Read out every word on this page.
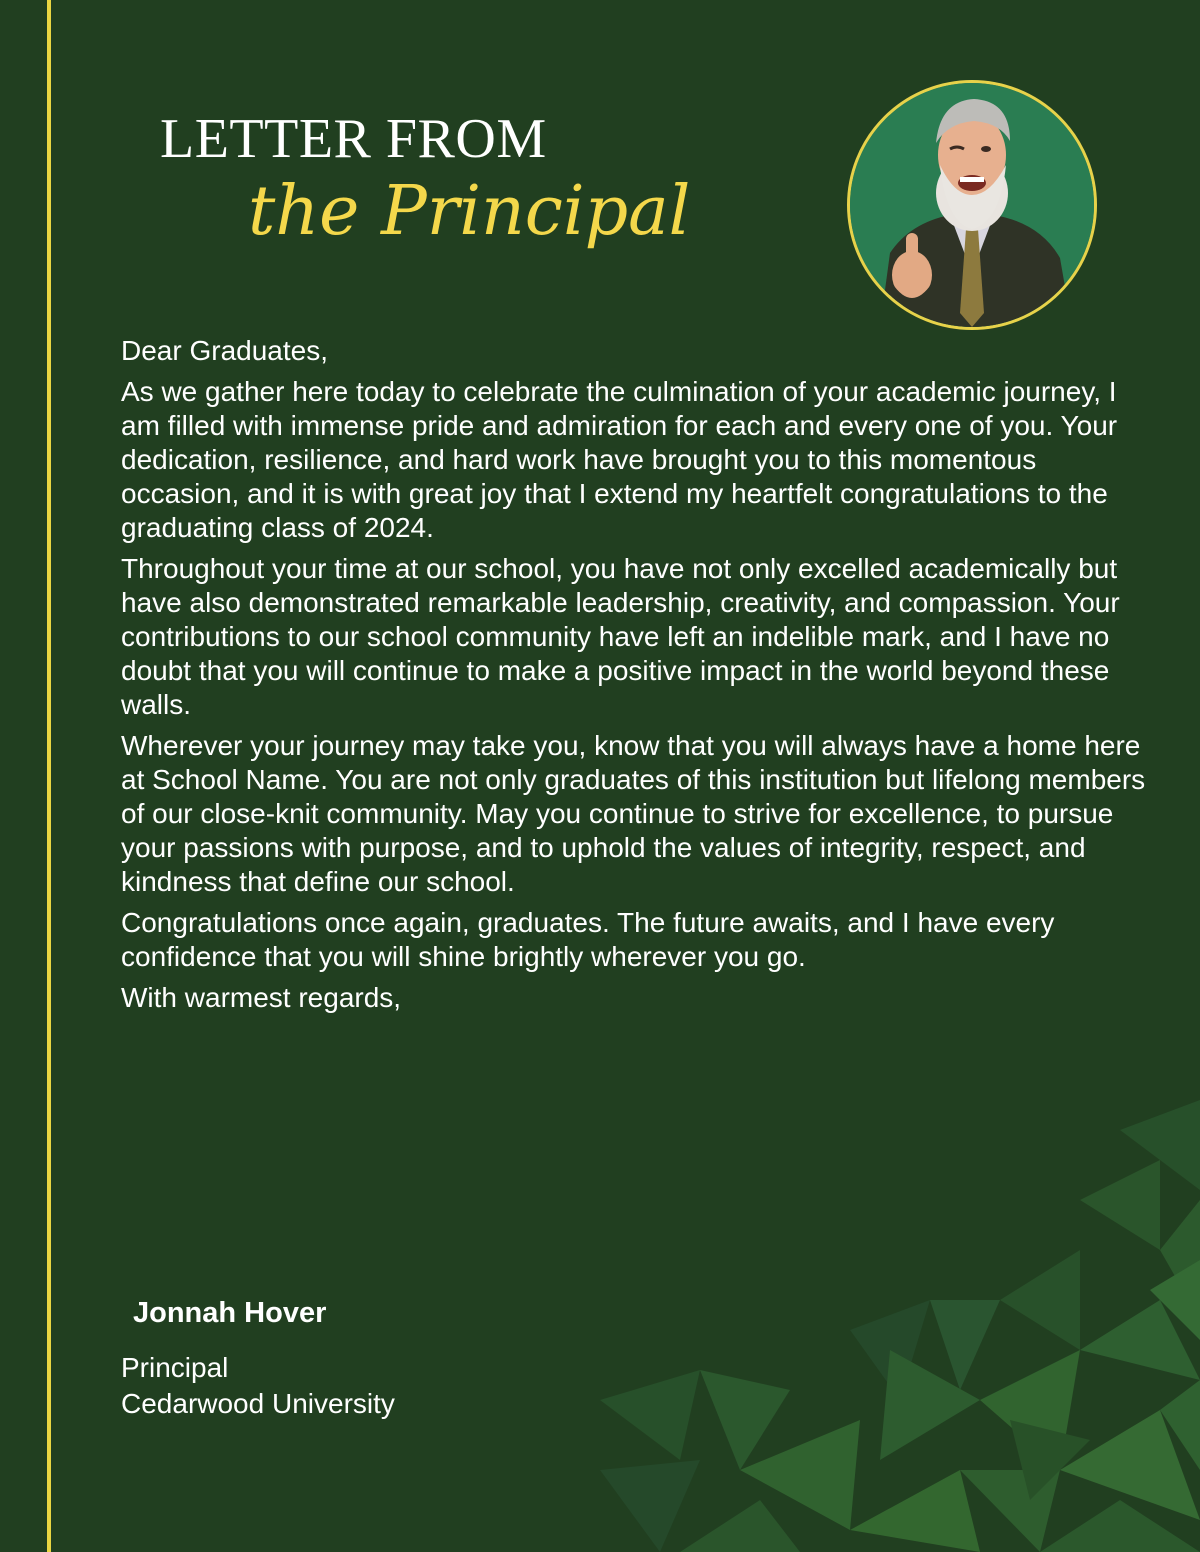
LETTER FROM
the Principal

Dear Graduates,

As we gather here today to celebrate the culmination of your academic journey, I am filled with immense pride and admiration for each and every one of you. Your dedication, resilience, and hard work have brought you to this momentous occasion, and it is with great joy that I extend my heartfelt congratulations to the graduating class of 2024.

Throughout your time at our school, you have not only excelled academically but have also demonstrated remarkable leadership, creativity, and compassion. Your contributions to our school community have left an indelible mark, and I have no doubt that you will continue to make a positive impact in the world beyond these walls.

Wherever your journey may take you, know that you will always have a home here at School Name. You are not only graduates of this institution but lifelong members of our close-knit community. May you continue to strive for excellence, to pursue your passions with purpose, and to uphold the values of integrity, respect, and kindness that define our school.

Congratulations once again, graduates. The future awaits, and I have every confidence that you will shine brightly wherever you go.

With warmest regards,

Jonnah Hover
Principal
Cedarwood University
